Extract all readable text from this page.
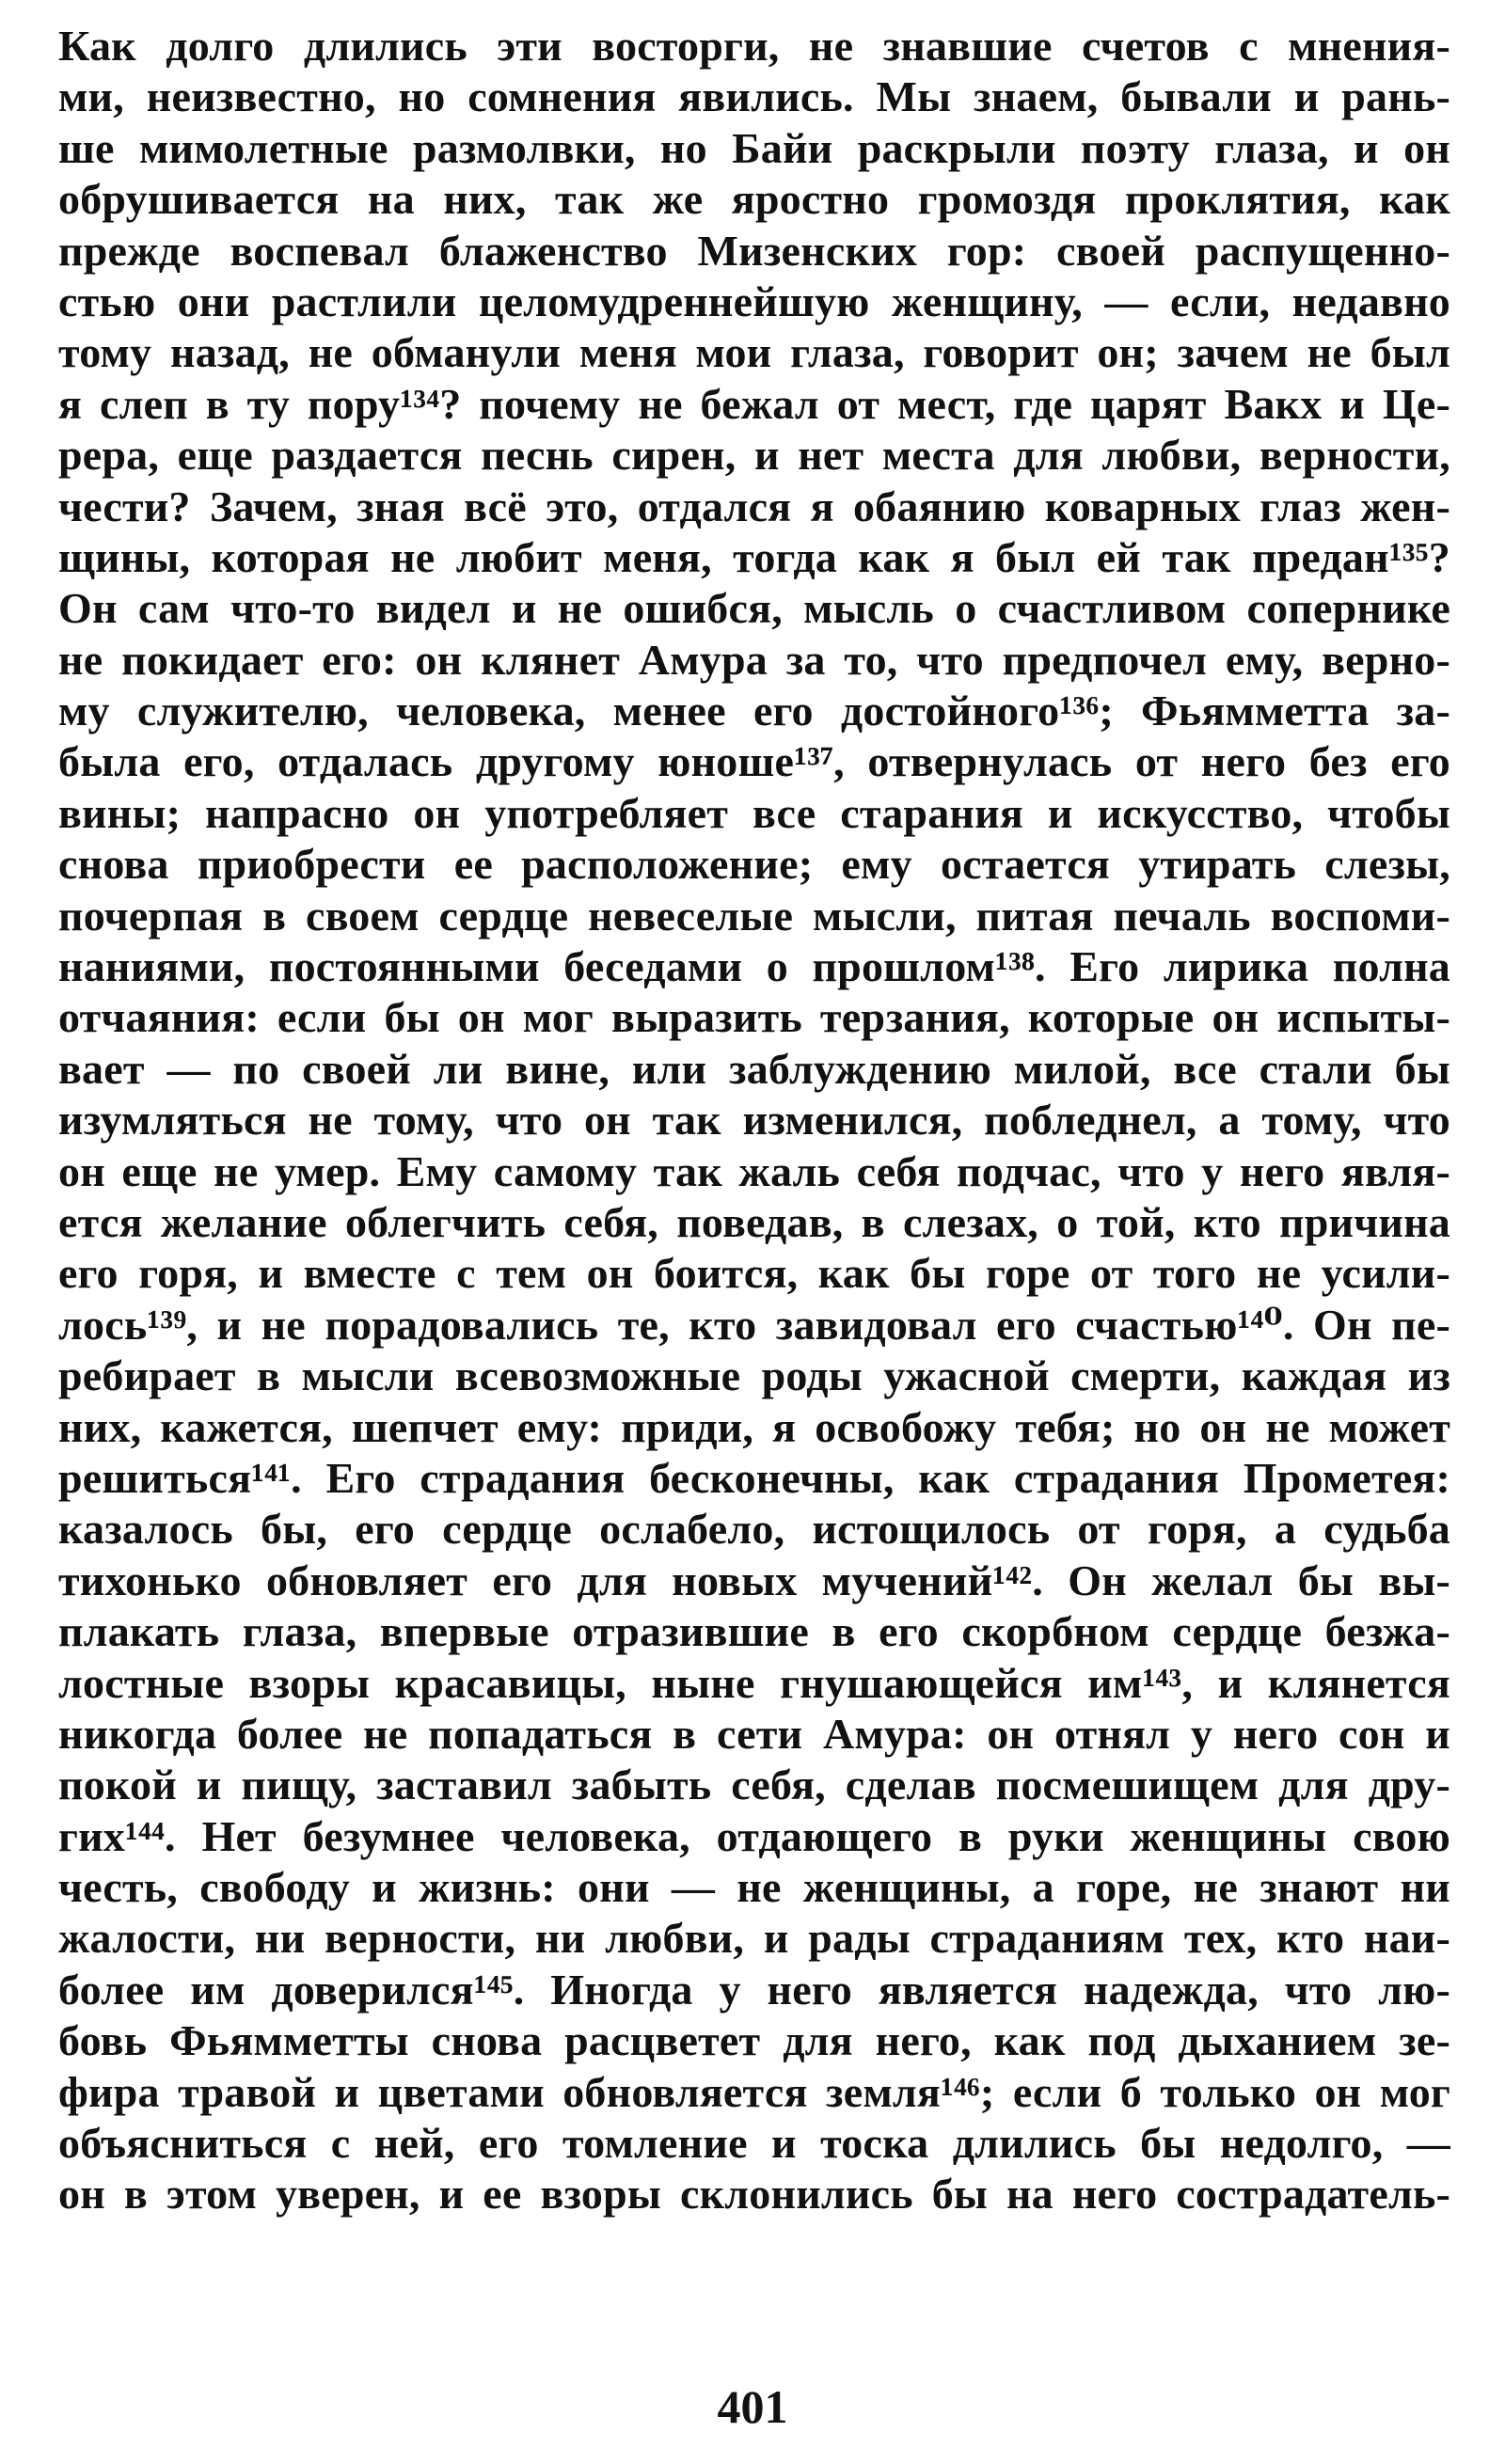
Как долго длились эти восторги, не знавшие счетов с мнения-
ми, неизвестно, но сомнения явились. Мы знаем, бывали и рань-
ше мимолетные размолвки, но Байи раскрыли поэту глаза, и он
обрушивается на них, так же яростно громоздя проклятия, как
прежде воспевал блаженство Мизенских гор: своей распущенно-
стью они растлили целомудреннейшую женщину, — если, недавно
тому назад, не обманули меня мои глаза, говорит он; зачем не был
я слеп в ту пору¹³⁴? почему не бежал от мест, где царят Вакх и Це-
рера, еще раздается песнь сирен, и нет места для любви, верности,
чести? Зачем, зная всё это, отдался я обаянию коварных глаз жен-
щины, которая не любит меня, тогда как я был ей так предан¹³⁵?
Он сам что-то видел и не ошибся, мысль о счастливом сопернике
не покидает его: он клянет Амура за то, что предпочел ему, верно-
му служителю, человека, менее его достойного¹³⁶; Фьямметта за-
была его, отдалась другому юноше¹³⁷, отвернулась от него без его
вины; напрасно он употребляет все старания и искусство, чтобы
снова приобрести ее расположение; ему остается утирать слезы,
почерпая в своем сердце невеселые мысли, питая печаль воспоми-
наниями, постоянными беседами о прошлом¹³⁸. Его лирика полна
отчаяния: если бы он мог выразить терзания, которые он испыты-
вает — по своей ли вине, или заблуждению милой, все стали бы
изумляться не тому, что он так изменился, побледнел, а тому, что
он еще не умер. Ему самому так жаль себя подчас, что у него явля-
ется желание облегчить себя, поведав, в слезах, о той, кто причина
его горя, и вместе с тем он боится, как бы горе от того не усили-
лось¹³⁹, и не порадовались те, кто завидовал его счастью¹⁴⁰. Он пе-
ребирает в мысли всевозможные роды ужасной смерти, каждая из
них, кажется, шепчет ему: приди, я освобожу тебя; но он не может
решиться¹⁴¹. Его страдания бесконечны, как страдания Прометея:
казалось бы, его сердце ослабело, истощилось от горя, а судьба
тихонько обновляет его для новых мучений¹⁴². Он желал бы вы-
плакать глаза, впервые отразившие в его скорбном сердце безжа-
лостные взоры красавицы, ныне гнушающейся им¹⁴³, и клянется
никогда более не попадаться в сети Амура: он отнял у него сон и
покой и пищу, заставил забыть себя, сделав посмешищем для дру-
гих¹⁴⁴. Нет безумнее человека, отдающего в руки женщины свою
честь, свободу и жизнь: они — не женщины, а горе, не знают ни
жалости, ни верности, ни любви, и рады страданиям тех, кто наи-
более им доверился¹⁴⁵. Иногда у него является надежда, что лю-
бовь Фьямметты снова расцветет для него, как под дыханием зе-
фира травой и цветами обновляется земля¹⁴⁶; если б только он мог
объясниться с ней, его томление и тоска длились бы недолго, —
он в этом уверен, и ее взоры склонились бы на него сострадатель-
401
